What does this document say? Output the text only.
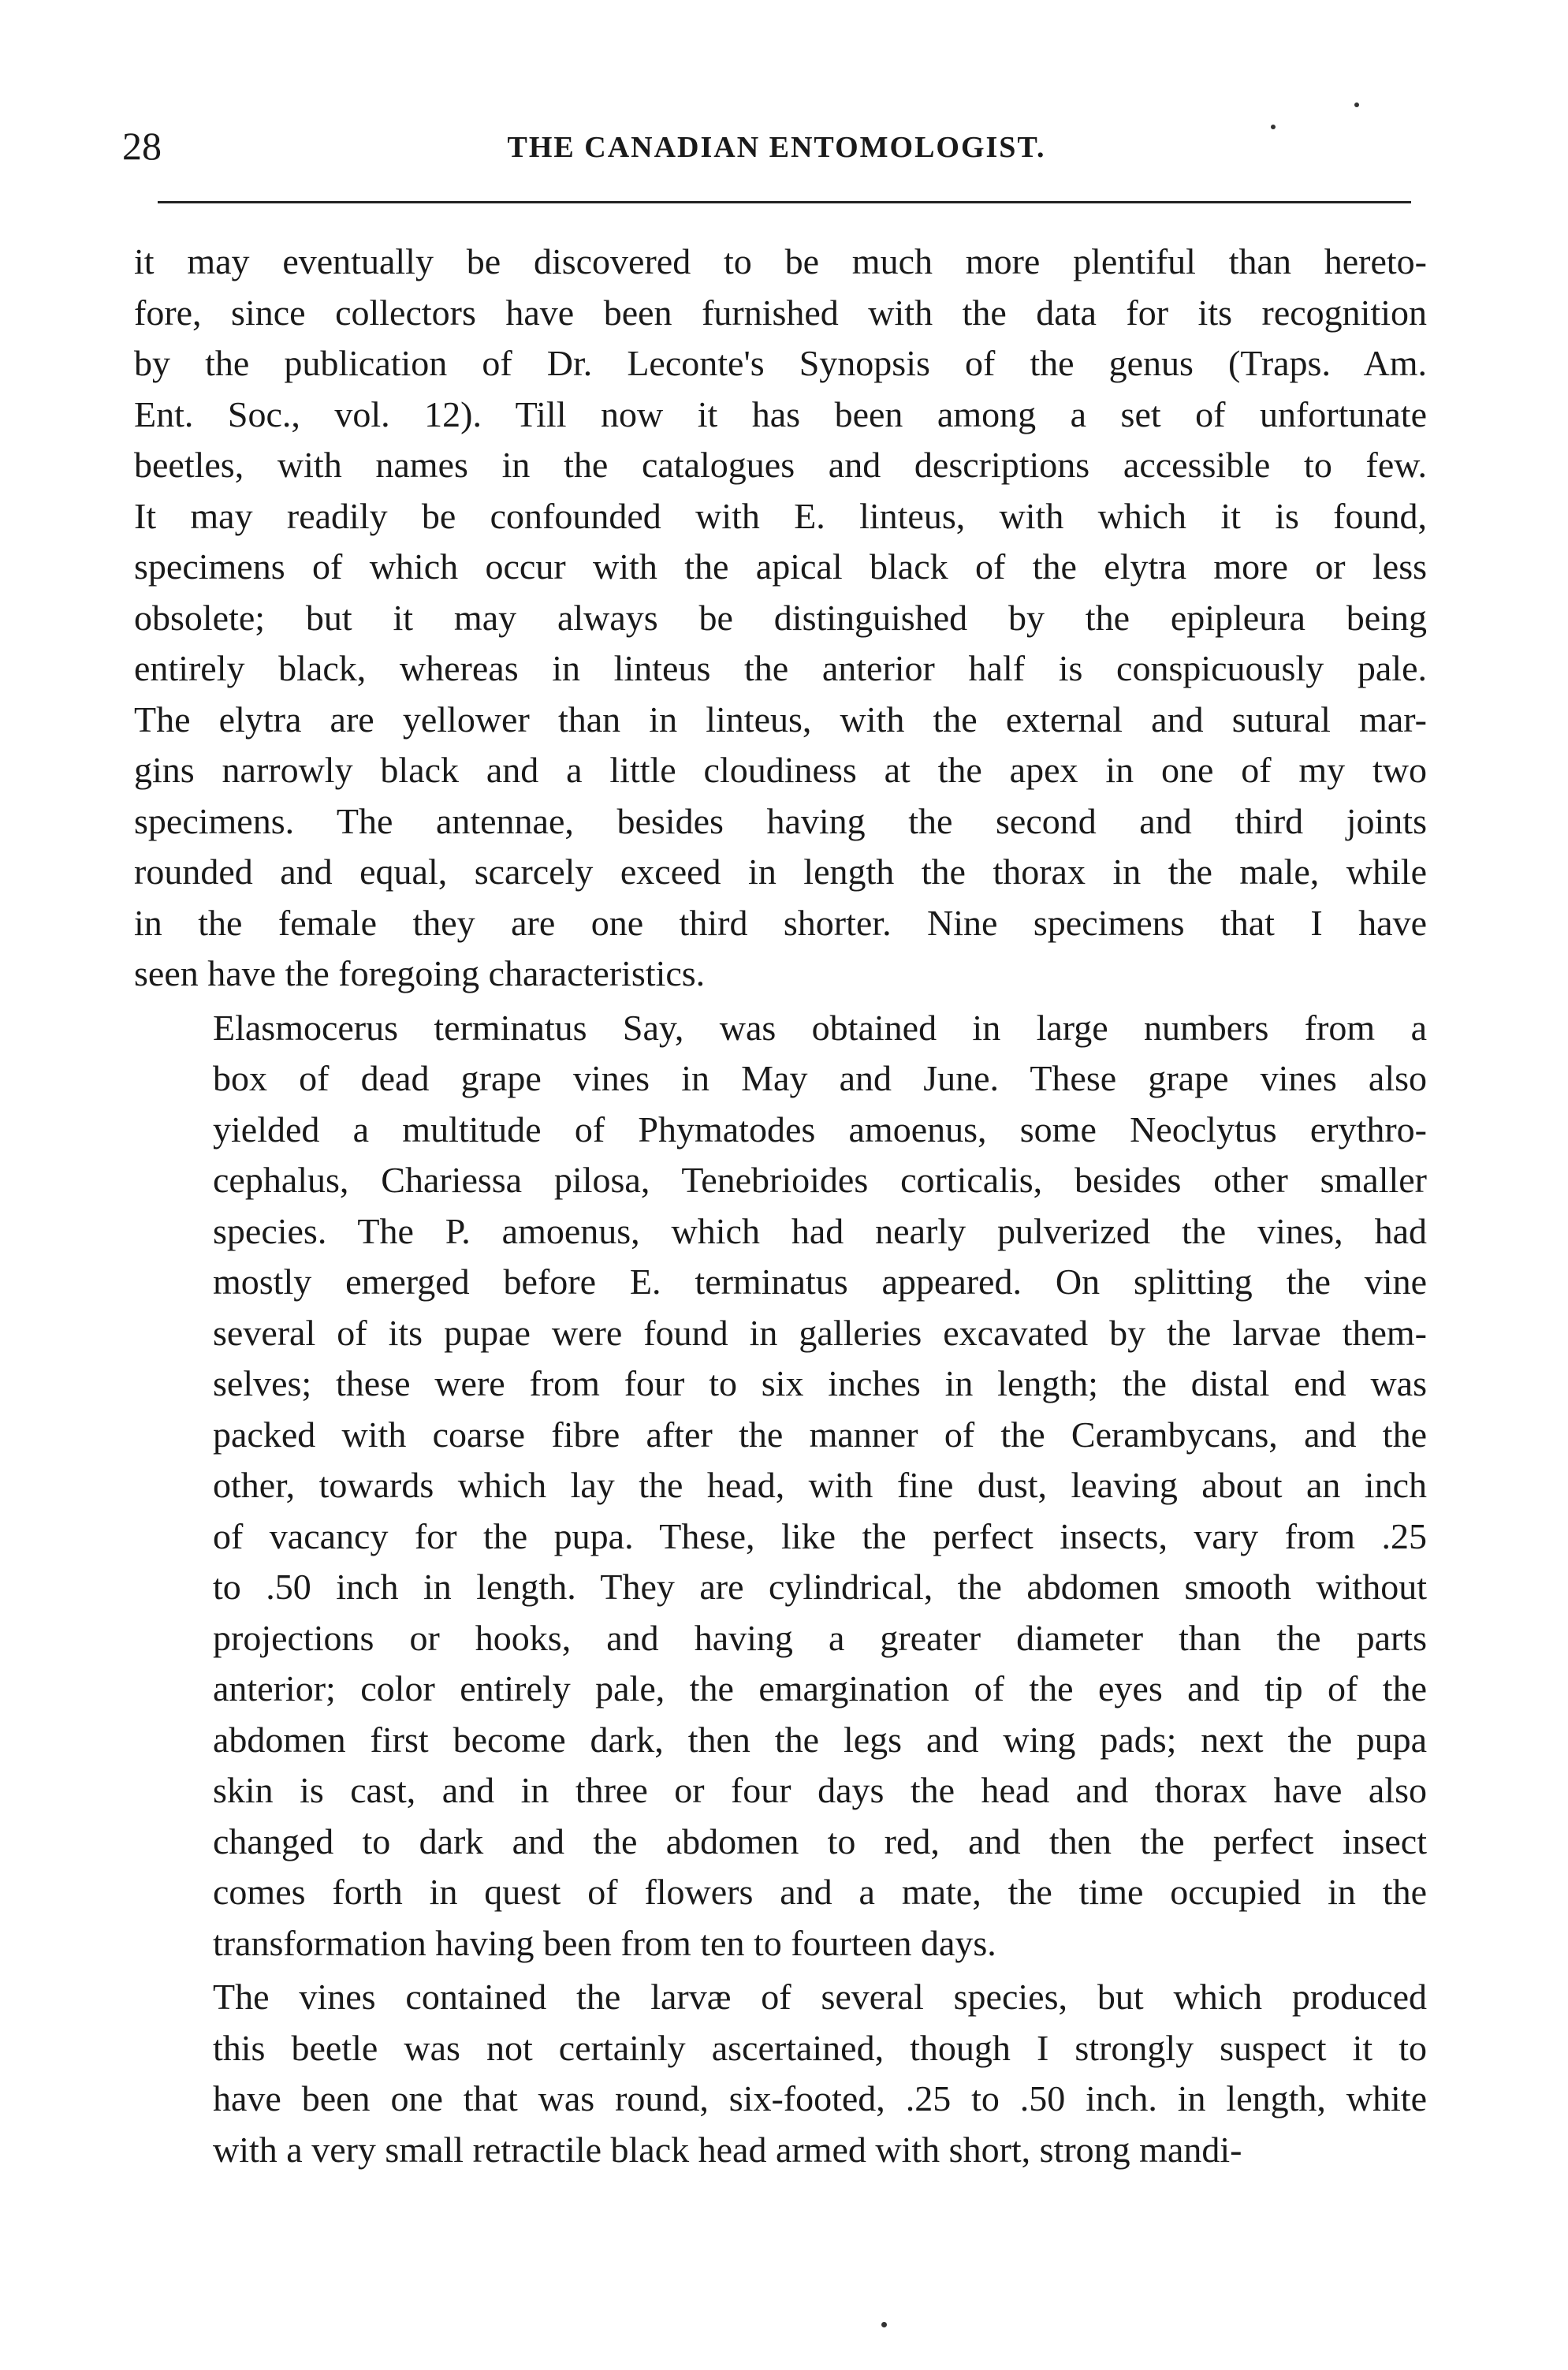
28	THE CANADIAN ENTOMOLOGIST.

it may eventually be discovered to be much more plentiful than hereto-
fore, since collectors have been furnished with the data for its recognition
by the publication of Dr. Leconte's Synopsis of the genus (Traps. Am.
Ent. Soc., vol. 12). Till now it has been among a set of unfortunate
beetles, with names in the catalogues and descriptions accessible to few.
It may readily be confounded with E. linteus, with which it is found,
specimens of which occur with the apical black of the elytra more or less
obsolete; but it may always be distinguished by the epipleura being
entirely black, whereas in linteus the anterior half is conspicuously pale.
The elytra are yellower than in linteus, with the external and sutural mar-
gins narrowly black and a little cloudiness at the apex in one of my two
specimens. The antennae, besides having the second and third joints
rounded and equal, scarcely exceed in length the thorax in the male, while
in the female they are one third shorter. Nine specimens that I have
seen have the foregoing characteristics.

Elasmocerus terminatus Say, was obtained in large numbers from a
box of dead grape vines in May and June. These grape vines also
yielded a multitude of Phymatodes amoenus, some Neoclytus erythro-
cephalus, Chariessa pilosa, Tenebrioides corticalis, besides other smaller
species. The P. amoenus, which had nearly pulverized the vines, had
mostly emerged before E. terminatus appeared. On splitting the vine
several of its pupae were found in galleries excavated by the larvae them-
selves; these were from four to six inches in length; the distal end was
packed with coarse fibre after the manner of the Cerambycans, and the
other, towards which lay the head, with fine dust, leaving about an inch
of vacancy for the pupa. These, like the perfect insects, vary from .25
to .50 inch in length. They are cylindrical, the abdomen smooth without
projections or hooks, and having a greater diameter than the parts
anterior; color entirely pale, the emargination of the eyes and tip of the
abdomen first become dark, then the legs and wing pads; next the pupa
skin is cast, and in three or four days the head and thorax have also
changed to dark and the abdomen to red, and then the perfect insect
comes forth in quest of flowers and a mate, the time occupied in the
transformation having been from ten to fourteen days.

The vines contained the larvæ of several species, but which produced
this beetle was not certainly ascertained, though I strongly suspect it to
have been one that was round, six-footed, .25 to .50 inch. in length, white
with a very small retractile black head armed with short, strong mandi-
